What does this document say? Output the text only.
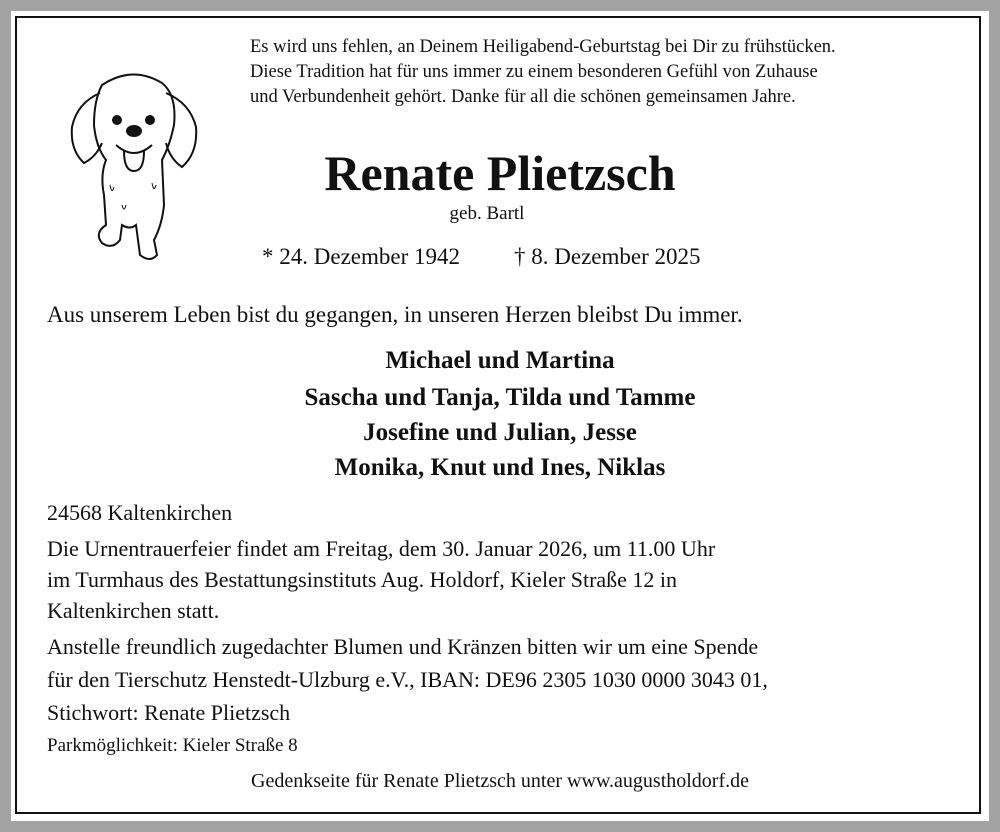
Es wird uns fehlen, an Deinem Heiligabend-Geburtstag bei Dir zu frühstücken.

Diese Tradition hat für uns immer zu einem besonderen Gefühl von Zuhause

und Verbundenheit gehört. Danke für all die schönen gemeinsamen Jahre.

Renate Plietzsch

geb. Bartl

* 24. Dezember 1942 † 8. Dezember 2025

Aus unserem Leben bist du gegangen, in unseren Herzen bleibst Du immer.

Michael und Martina

Sascha und Tanja, Tilda und Tamme

Josefine und Julian, Jesse

Monika, Knut und Ines, Niklas

24568 Kaltenkirchen

Die Urnentrauerfeier findet am Freitag, dem 30. Januar 2026, um 11.00 Uhr

im Turmhaus des Bestattungsinstituts Aug. Holdorf, Kieler Straße 12 in

Kaltenkirchen statt.

Anstelle freundlich zugedachter Blumen und Kränzen bitten wir um eine Spende

für den Tierschutz Henstedt-Ulzburg e.V., IBAN: DE96 2305 1030 0000 3043 01,

Stichwort: Renate Plietzsch

Parkmöglichkeit: Kieler Straße 8

Gedenkseite für Renate Plietzsch unter www.augustholdorf.de
